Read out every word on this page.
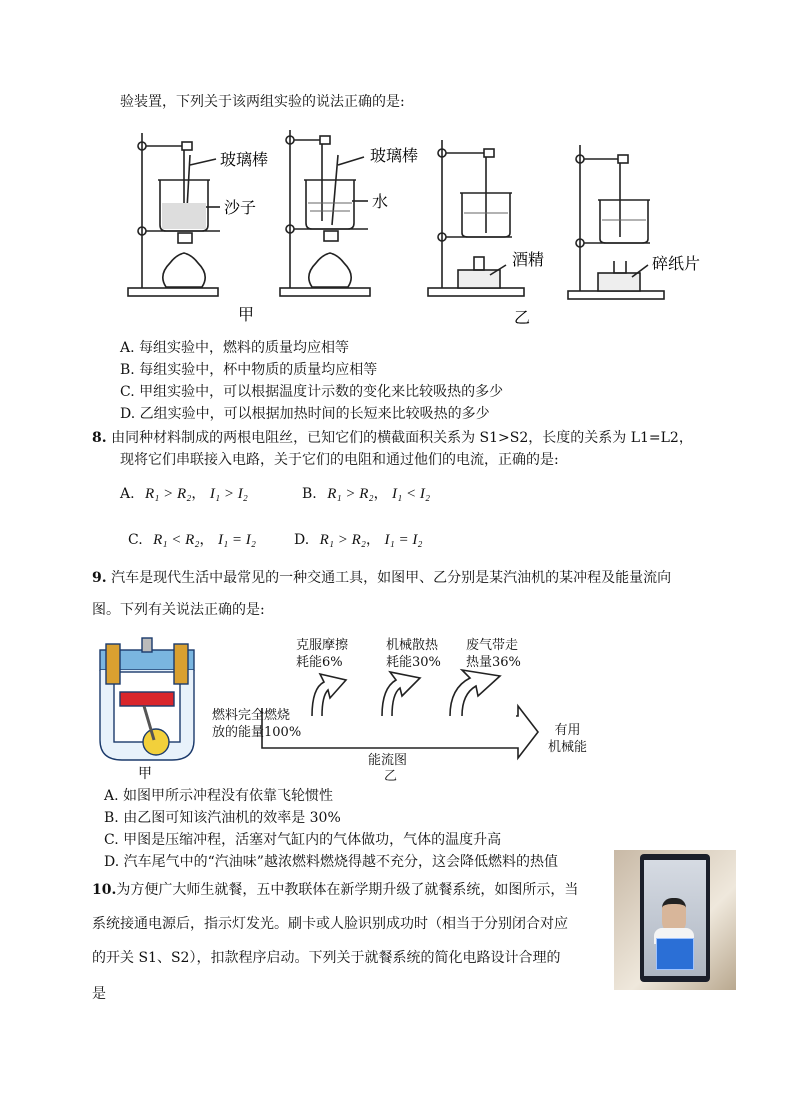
验装置，下列关于该两组实验的说法正确的是:
玻璃棒
沙子
玻璃棒
水
酒精	碎纸片
甲	乙
A. 每组实验中，燃料的质量均应相等
B. 每组实验中，杯中物质的质量均应相等
C. 甲组实验中，可以根据温度计示数的变化来比较吸热的多少
D. 乙组实验中，可以根据加热时间的长短来比较吸热的多少
8. 由同种材料制成的两根电阻丝，已知它们的横截面积关系为 S1>S2，长度的关系为 L1=L2，
现将它们串联接入电路，关于它们的电阻和通过他们的电流，正确的是:
A. R₁ > R₂， I₁ > I₂	B. R₁ > R₂， I₁ < I₂
C. R₁ < R₂， I₁ = I₂	D. R₁ > R₂， I₁ = I₂
9. 汽车是现代生活中最常见的一种交通工具，如图甲、乙分别是某汽油机的某冲程及能量流向
图。下列有关说法正确的是:
甲
克服摩擦
耗能6%
机械散热
耗能30%
废气带走
热量36%
燃料完全燃烧
放的能量100%	有用
机械能
能流图
乙
A. 如图甲所示冲程没有依靠飞轮惯性
B. 由乙图可知该汽油机的效率是 30%
C. 甲图是压缩冲程，活塞对气缸内的气体做功，气体的温度升高
D. 汽车尾气中的“汽油味”越浓燃料燃烧得越不充分，这会降低燃料的热值
10.为方便广大师生就餐，五中教联体在新学期升级了就餐系统，如图所示，当
系统接通电源后，指示灯发光。刷卡或人脸识别成功时（相当于分别闭合对应
的开关 S1、S2），扣款程序启动。下列关于就餐系统的简化电路设计合理的
是
